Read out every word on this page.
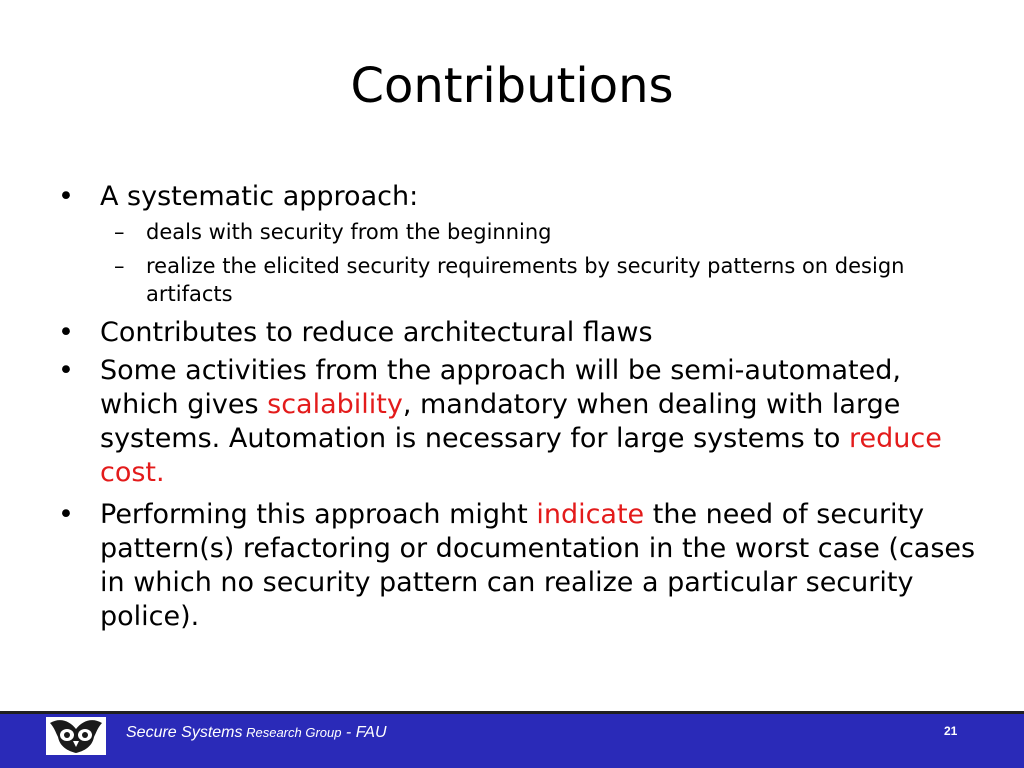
Contributions
• A systematic approach:
– deals with security from the beginning
– realize the elicited security requirements by security patterns on design artifacts
• Contributes to reduce architectural flaws
• Some activities from the approach will be semi-automated, which gives scalability, mandatory when dealing with large systems. Automation is necessary for large systems to reduce cost.
• Performing this approach might indicate the need of security pattern(s) refactoring or documentation in the worst case (cases in which no security pattern can realize a particular security police).
Secure Systems Research Group - FAU	21
